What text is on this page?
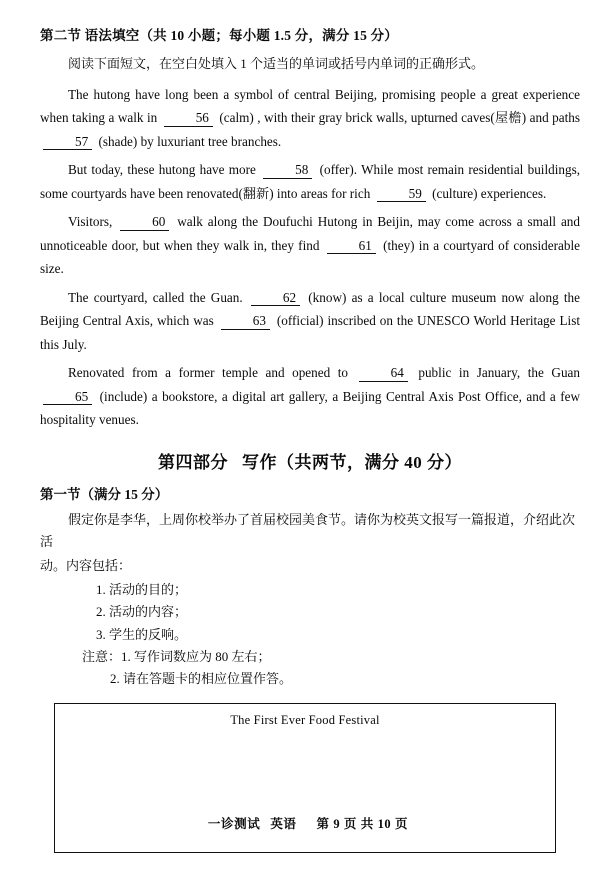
第二节 语法填空（共 10 小题；每小题 1.5 分，满分 15 分）

阅读下面短文，在空白处填入 1 个适当的单词或括号内单词的正确形式。

The hutong have long been a symbol of central Beijing, promising people a great experience when taking a walk in	56 (calm) , with their gray brick walls, upturned caves(屋檐) and paths 57 (shade) by luxuriant tree branches.

But today, these hutong have more	58 (offer). While most remain residential buildings, some courtyards have been renovated(翻新) into areas for rich	59 (culture) experiences.

Visitors,	60 walk along the Doufuchi Hutong in Beijin, may come across a small and unnoticeable door, but when they walk in, they find	61 (they) in a courtyard of considerable size.

The courtyard, called the Guan.	62 (know) as a local culture museum now along the Beijing Central Axis, which was	63 (official) inscribed on the UNESCO World Heritage List this July.

Renovated from a former temple and opened to	64 public in January, the Guan 65 (include) a bookstore, a digital art gallery, a Beijing Central Axis Post Office, and a few hospitality venues.

第四部分 写作（共两节，满分 40 分）
第一节（满分 15 分）

假定你是李华，上周你校举办了首届校园美食节。请你为校英文报写一篇报道，介绍此次活

动。内容包括：

1. 活动的目的；

2. 活动的内容；

3. 学生的反响。

注意：1. 写作词数应为 80 左右；

2. 请在答题卡的相应位置作答。

The First Ever Food Festival
一诊测试 英语 第 9 页 共 10 页
